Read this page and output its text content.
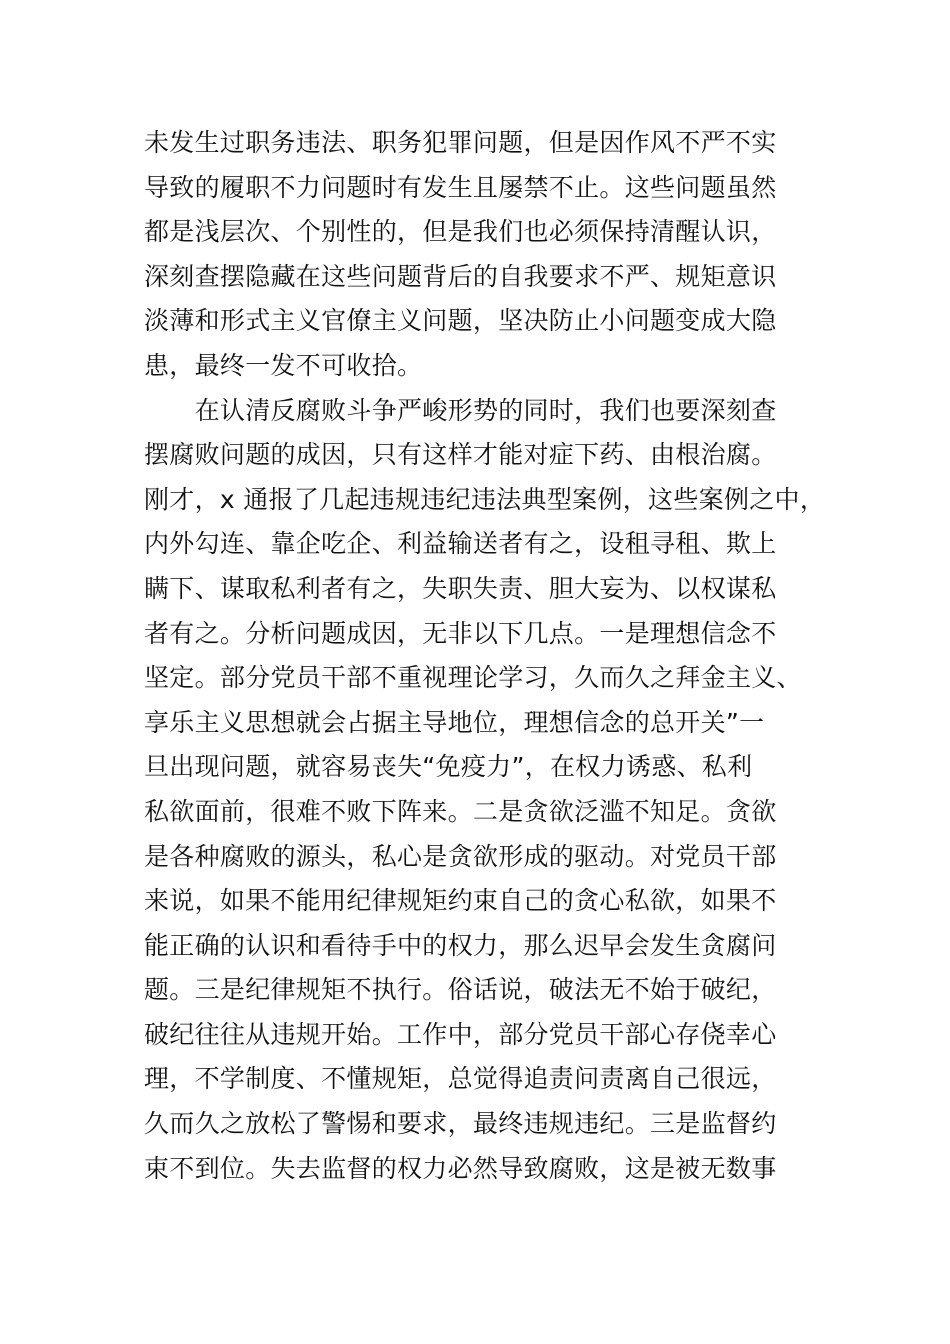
未发生过职务违法、职务犯罪问题，但是因作风不严不实
导致的履职不力问题时有发生且屡禁不止。这些问题虽然
都是浅层次、个别性的，但是我们也必须保持清醒认识，
深刻查摆隐藏在这些问题背后的自我要求不严、规矩意识
淡薄和形式主义官僚主义问题，坚决防止小问题变成大隐
患，最终一发不可收拾。
　　在认清反腐败斗争严峻形势的同时，我们也要深刻查
摆腐败问题的成因，只有这样才能对症下药、由根治腐。
刚才，x 通报了几起违规违纪违法典型案例，这些案例之中，
内外勾连、靠企吃企、利益输送者有之，设租寻租、欺上
瞒下、谋取私利者有之，失职失责、胆大妄为、以权谋私
者有之。分析问题成因，无非以下几点。一是理想信念不
坚定。部分党员干部不重视理论学习，久而久之拜金主义、
享乐主义思想就会占据主导地位，理想信念的总开关”一
旦出现问题，就容易丧失“免疫力”，在权力诱惑、私利
私欲面前，很难不败下阵来。二是贪欲泛滥不知足。贪欲
是各种腐败的源头，私心是贪欲形成的驱动。对党员干部
来说，如果不能用纪律规矩约束自己的贪心私欲，如果不
能正确的认识和看待手中的权力，那么迟早会发生贪腐问
题。三是纪律规矩不执行。俗话说，破法无不始于破纪，
破纪往往从违规开始。工作中，部分党员干部心存侥幸心
理，不学制度、不懂规矩，总觉得追责问责离自己很远，
久而久之放松了警惕和要求，最终违规违纪。三是监督约
束不到位。失去监督的权力必然导致腐败，这是被无数事
